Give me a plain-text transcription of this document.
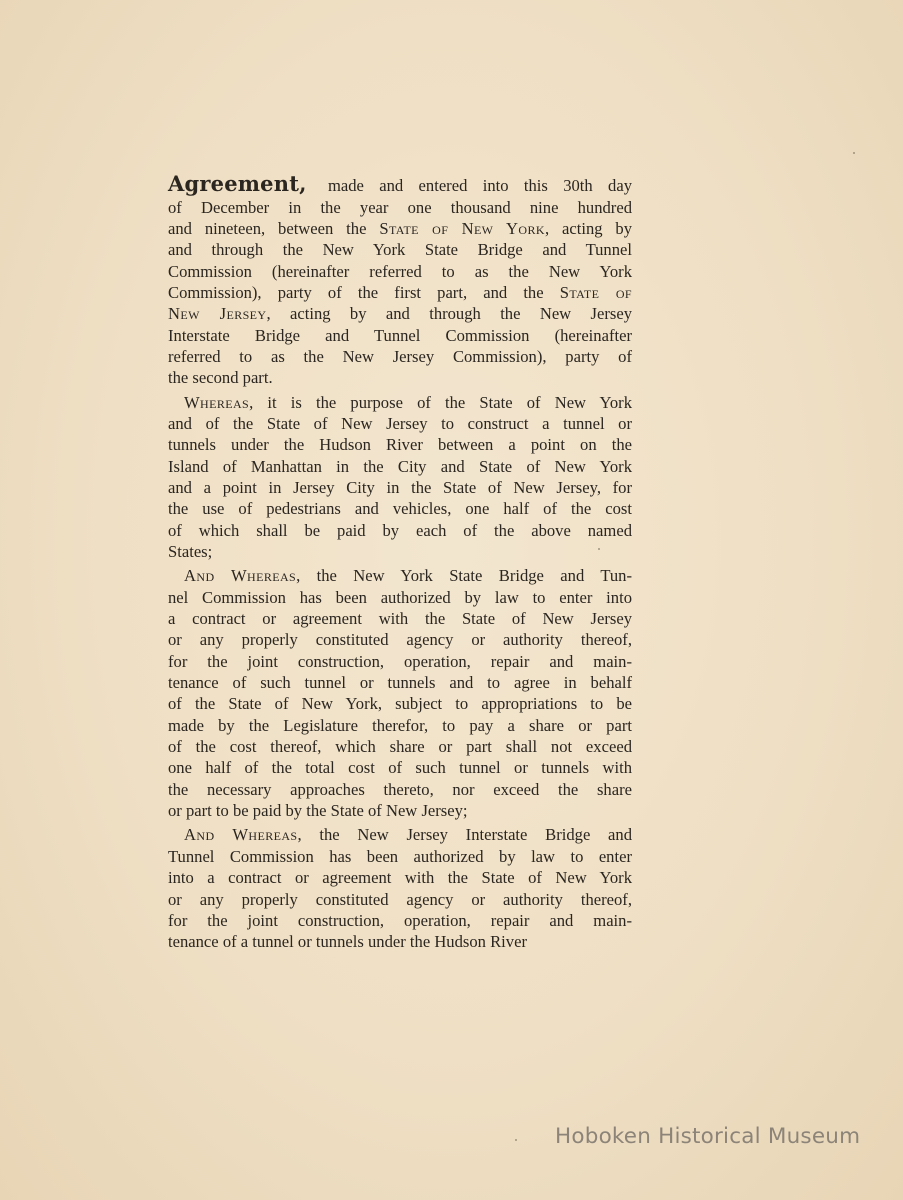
Agreement, made and entered into this 30th day
of December in the year one thousand nine hundred
and nineteen, between the State of New York, acting by
and through the New York State Bridge and Tunnel
Commission (hereinafter referred to as the New York
Commission), party of the first part, and the State of
New Jersey, acting by and through the New Jersey
Interstate Bridge and Tunnel Commission (hereinafter
referred to as the New Jersey Commission), party of
the second part.
Whereas, it is the purpose of the State of New York
and of the State of New Jersey to construct a tunnel or
tunnels under the Hudson River between a point on the
Island of Manhattan in the City and State of New York
and a point in Jersey City in the State of New Jersey, for
the use of pedestrians and vehicles, one half of the cost
of which shall be paid by each of the above named
States;
And Whereas, the New York State Bridge and Tun-
nel Commission has been authorized by law to enter into
a contract or agreement with the State of New Jersey
or any properly constituted agency or authority thereof,
for the joint construction, operation, repair and main-
tenance of such tunnel or tunnels and to agree in behalf
of the State of New York, subject to appropriations to be
made by the Legislature therefor, to pay a share or part
of the cost thereof, which share or part shall not exceed
one half of the total cost of such tunnel or tunnels with
the necessary approaches thereto, nor exceed the share
or part to be paid by the State of New Jersey;
And Whereas, the New Jersey Interstate Bridge and
Tunnel Commission has been authorized by law to enter
into a contract or agreement with the State of New York
or any properly constituted agency or authority thereof,
for the joint construction, operation, repair and main-
tenance of a tunnel or tunnels under the Hudson River
Hoboken Historical Museum
